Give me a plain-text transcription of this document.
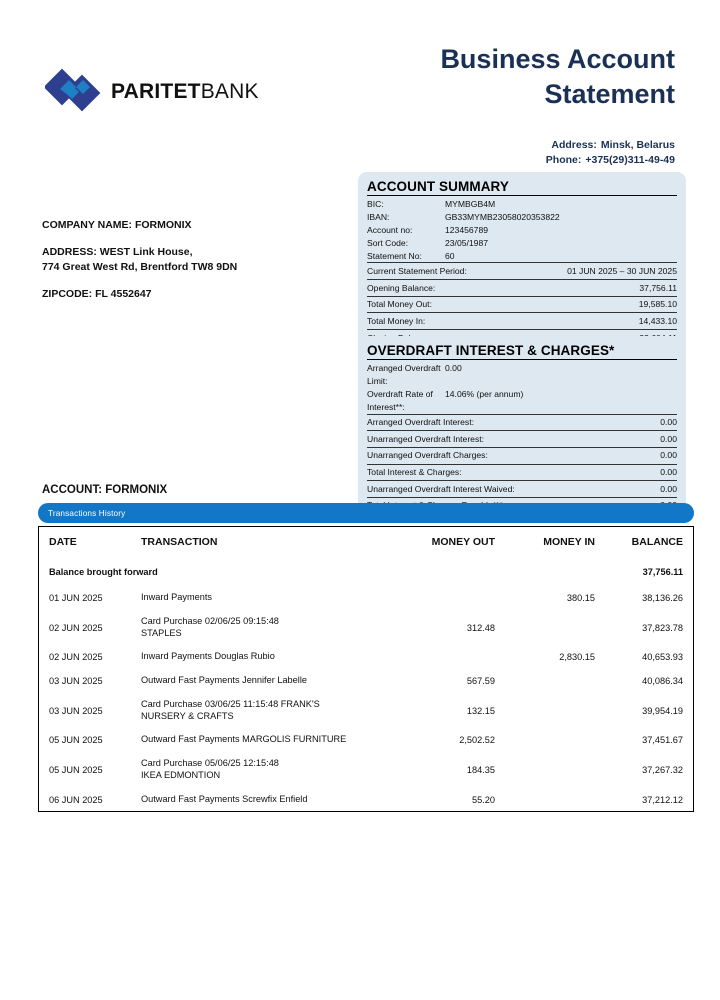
PARITETBANK
Business Account
Statement
Address: Minsk, Belarus
Phone: +375(29)311-49-49
COMPANY NAME: FORMONIX
ADDRESS: WEST Link House,
774 Great West Rd, Brentford TW8 9DN
ZIPCODE: FL 4552647
ACCOUNT SUMMARY
BIC:	MYMBGB4M
IBAN:	GB33MYMB23058020353822
Account no:	123456789
Sort Code:	23/05/1987
Statement No:	60
Current Statement Period:	01 JUN 2025 – 30 JUN 2025
Opening Balance:	37,756.11
Total Money Out:	19,585.10
Total Money In:	14,433.10
OVERDRAFT INTEREST & CHARGES*
Arranged Overdraft Limit:
0.00
Overdraft Rate of Interest**:
14.06% (per annum)
Arranged Overdraft Interest:	0.00
Unarranged Overdraft Interest:	0.00
Unarranged Overdraft Charges:	0.00
Total Interest & Charges:	0.00
Unarranged Overdraft Interest Waived:	0.00
ACCOUNT: FORMONIX
Transactions History
DATE	TRANSACTION	MONEY OUT	MONEY IN	BALANCE
Balance brought forward				37,756.11
01 JUN 2025	Inward Payments		380.15	38,136.26
02 JUN 2025	Card Purchase 02/06/25 09:15:48
STAPLES	312.48		37,823.78
02 JUN 2025	Inward Payments Douglas Rubio		2,830.15	40,653.93
03 JUN 2025	Outward Fast Payments Jennifer Labelle	567.59		40,086.34
03 JUN 2025	Card Purchase 03/06/25 11:15:48 FRANK'S
NURSERY & CRAFTS	132.15		39,954.19
05 JUN 2025	Outward Fast Payments MARGOLIS FURNITURE	2,502.52		37,451.67
05 JUN 2025	Card Purchase 05/06/25 12:15:48
IKEA EDMONTION	184.35		37,267.32
06 JUN 2025	Outward Fast Payments Screwfix Enfield	55.20		37,212.12
